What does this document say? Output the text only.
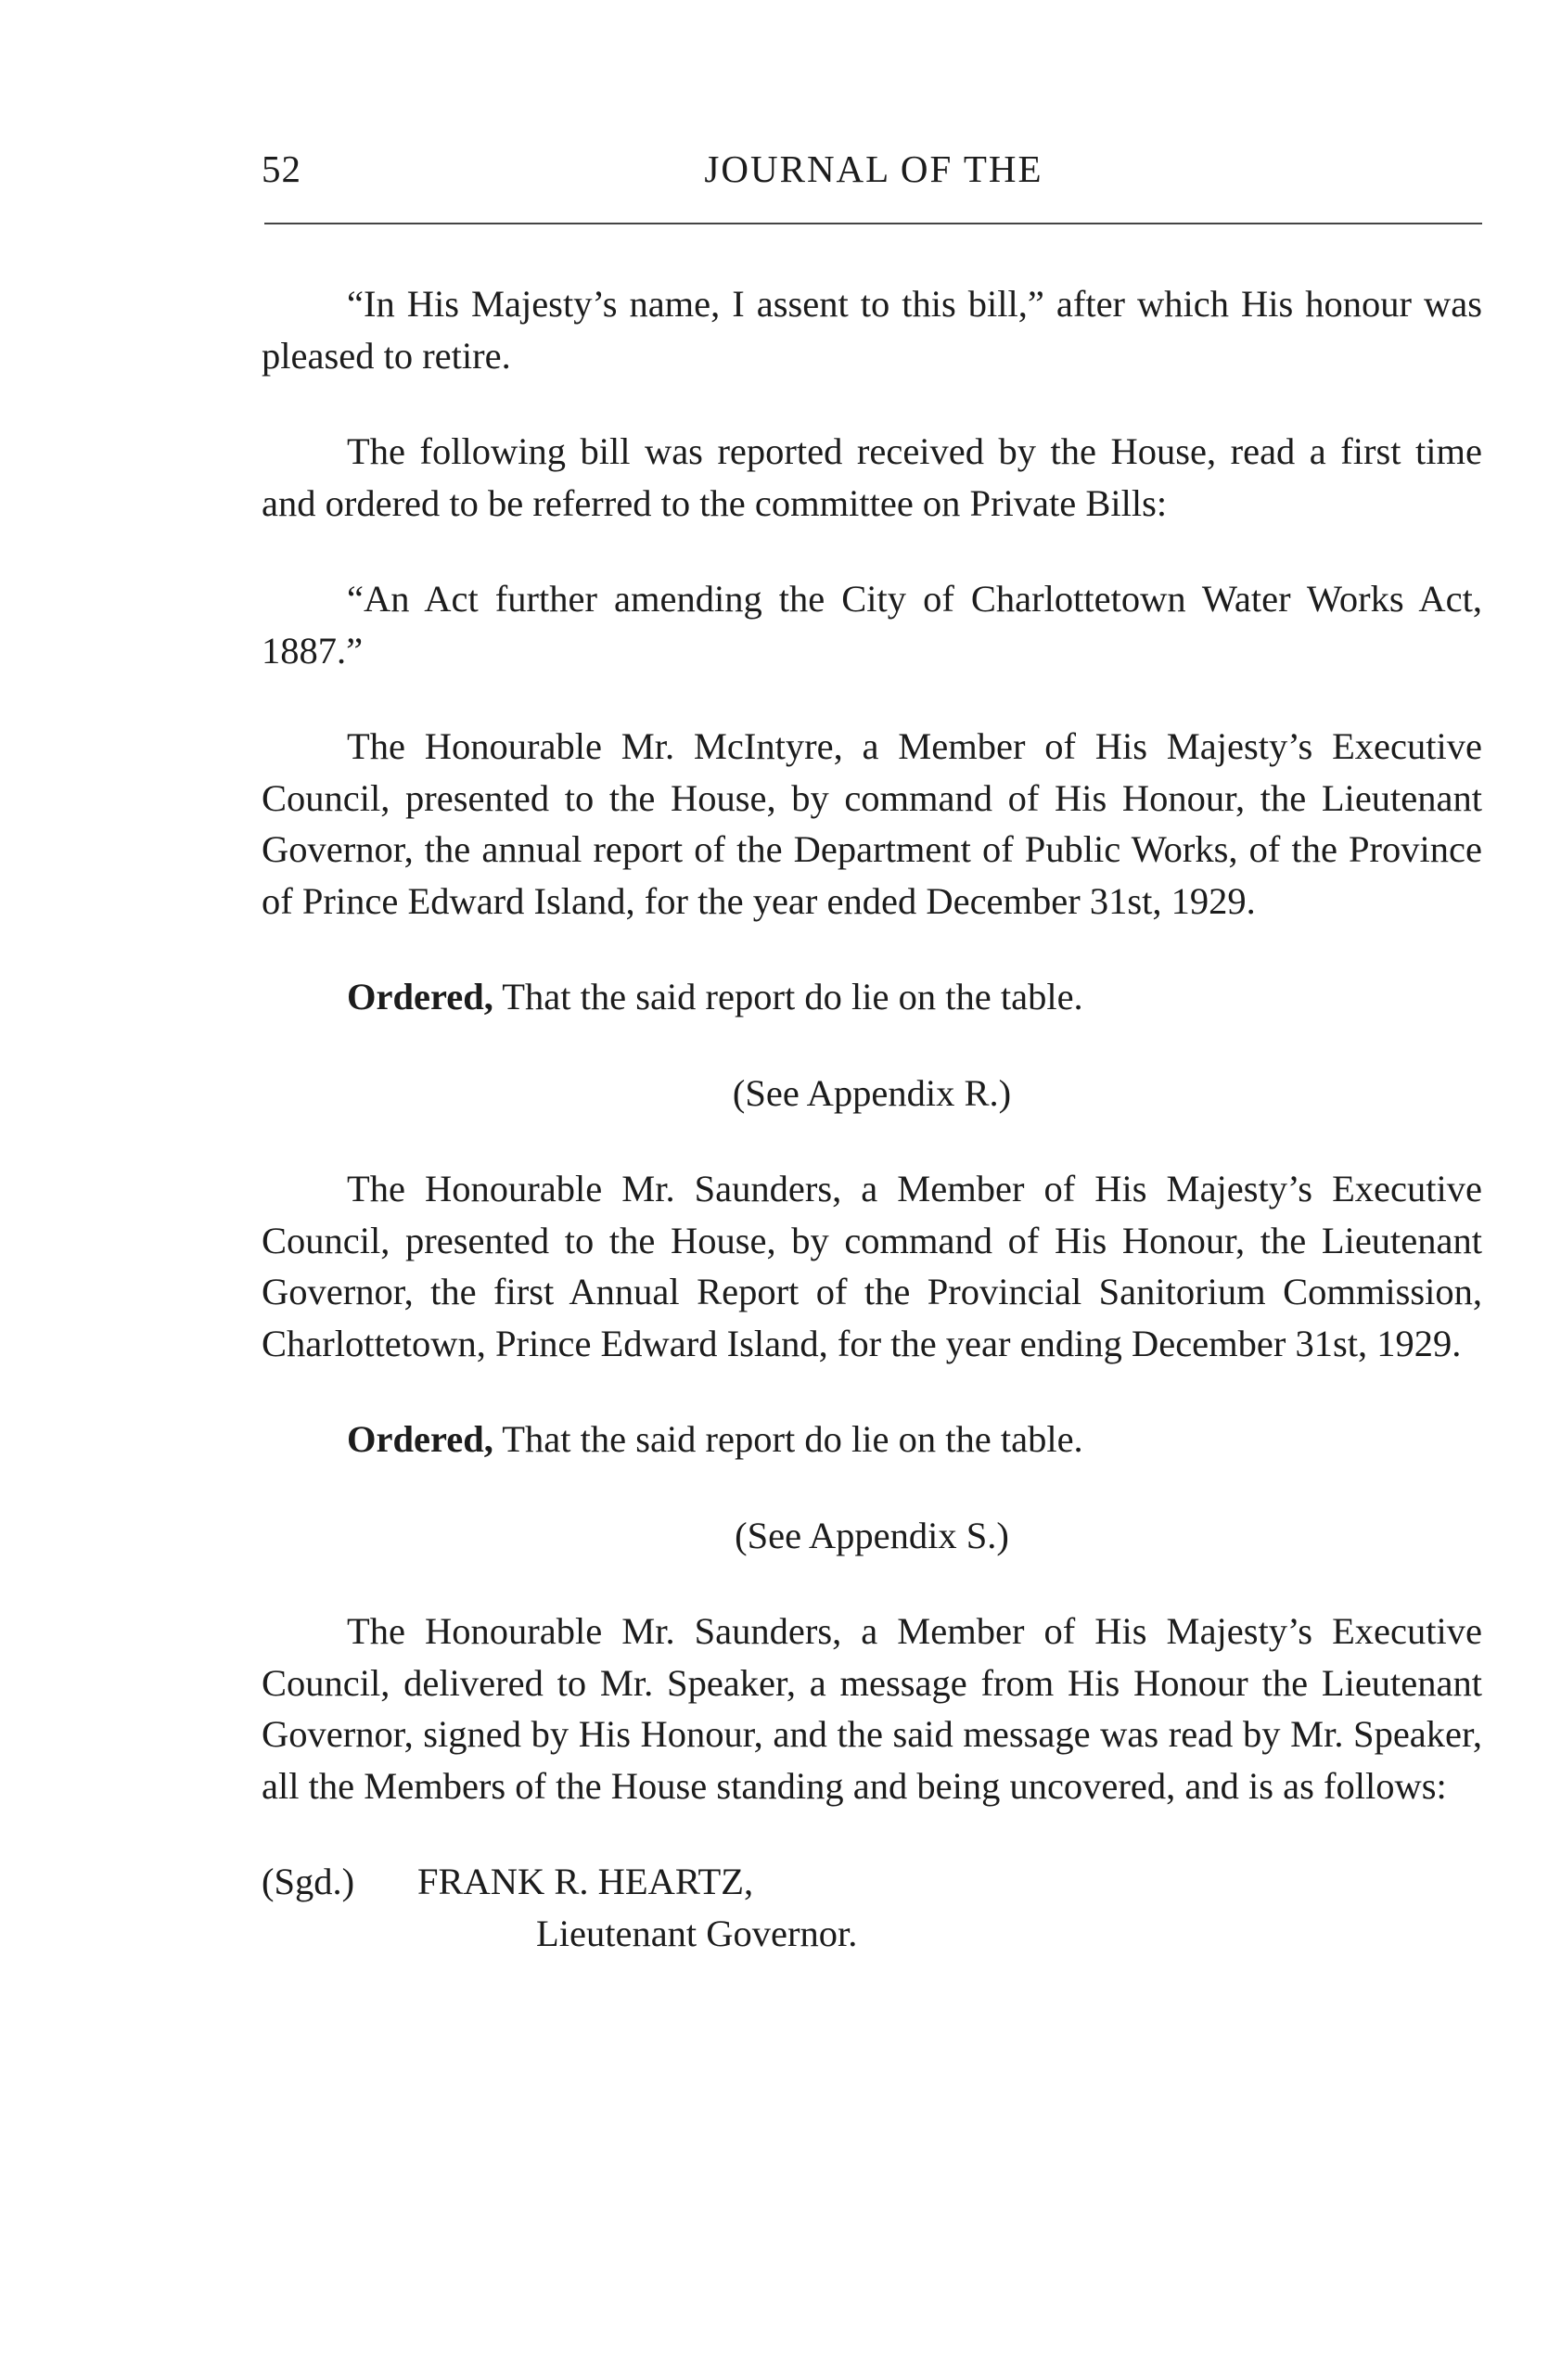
52	JOURNAL OF THE

“In His Majesty’s name, I assent to this bill,” after which His honour was pleased to retire.

The following bill was reported received by the House, read a first time and ordered to be referred to the committee on Private Bills:

“An Act further amending the City of Charlottetown Water Works Act, 1887.”

The Honourable Mr. McIntyre, a Member of His Majesty’s Executive Council, presented to the House, by command of His Honour, the Lieutenant Governor, the annual report of the Department of Public Works, of the Province of Prince Edward Island, for the year ended December 31st, 1929.

Ordered, That the said report do lie on the table.

(See Appendix R.)

The Honourable Mr. Saunders, a Member of His Majesty’s Executive Council, presented to the House, by command of His Honour, the Lieutenant Governor, the first Annual Report of the Provincial Sanitorium Commission, Charlottetown, Prince Edward Island, for the year ending December 31st, 1929.

Ordered, That the said report do lie on the table.

(See Appendix S.)

The Honourable Mr. Saunders, a Member of His Majesty’s Executive Council, delivered to Mr. Speaker, a message from His Honour the Lieutenant Governor, signed by His Honour, and the said message was read by Mr. Speaker, all the Members of the House standing and being uncovered, and is as follows:

(Sgd.) FRANK R. HEARTZ,

Lieutenant Governor.
